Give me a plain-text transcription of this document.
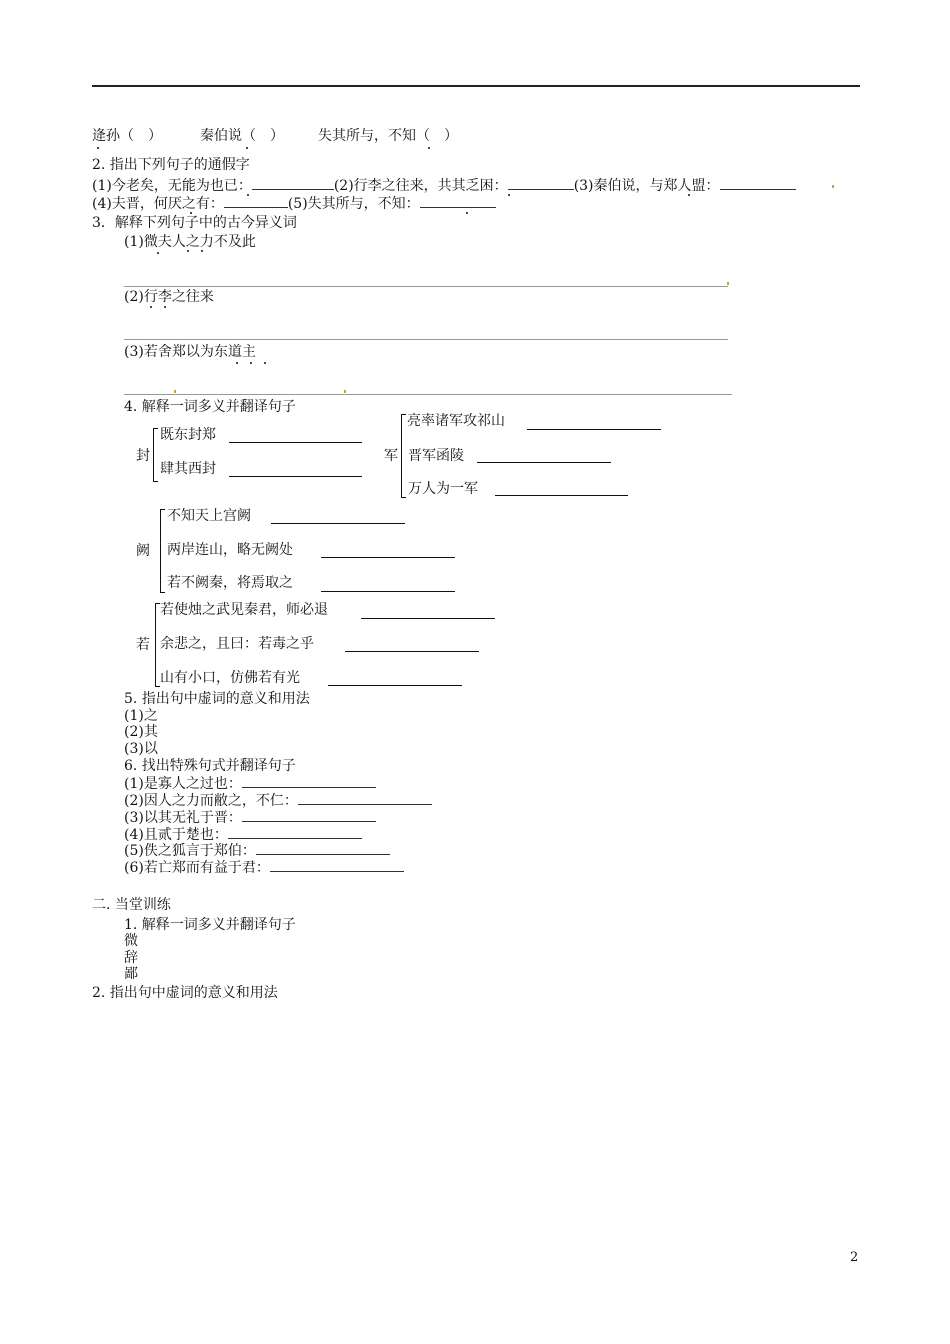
逄孙（　）	秦伯说（　） 失其所与，不知（　）
2. 指出下列句子的通假字
(1)今老矣，无能为也已：	(2)行李之往来，共其乏困：	(3)秦伯说，与郑人盟：
(4)夫晋，何厌之有：	(5)失其所与，不知：
3．解释下列句子中的古今异义词
(1)微夫人之力不及此
(2)行李之往来
(3)若舍郑以为东道主
4. 解释一词多义并翻译句子
封
既东封郑
肆其西封
军
亮率诸军攻祁山
晋军函陵
万人为一军
阙
不知天上宫阙
两岸连山，略无阙处
若不阙秦，将焉取之
若
若使烛之武见秦君，师必退
余悲之，且曰：若毒之乎
山有小口，仿佛若有光
5. 指出句中虚词的意义和用法
(1)之
(2)其
(3)以
6. 找出特殊句式并翻译句子
(1)是寡人之过也：
(2)因人之力而敝之，不仁：
(3)以其无礼于晋：
(4)且贰于楚也：
(5)佚之狐言于郑伯：
(6)若亡郑而有益于君：
二. 当堂训练
1. 解释一词多义并翻译句子
微
辞
鄙
2. 指出句中虚词的意义和用法
2
